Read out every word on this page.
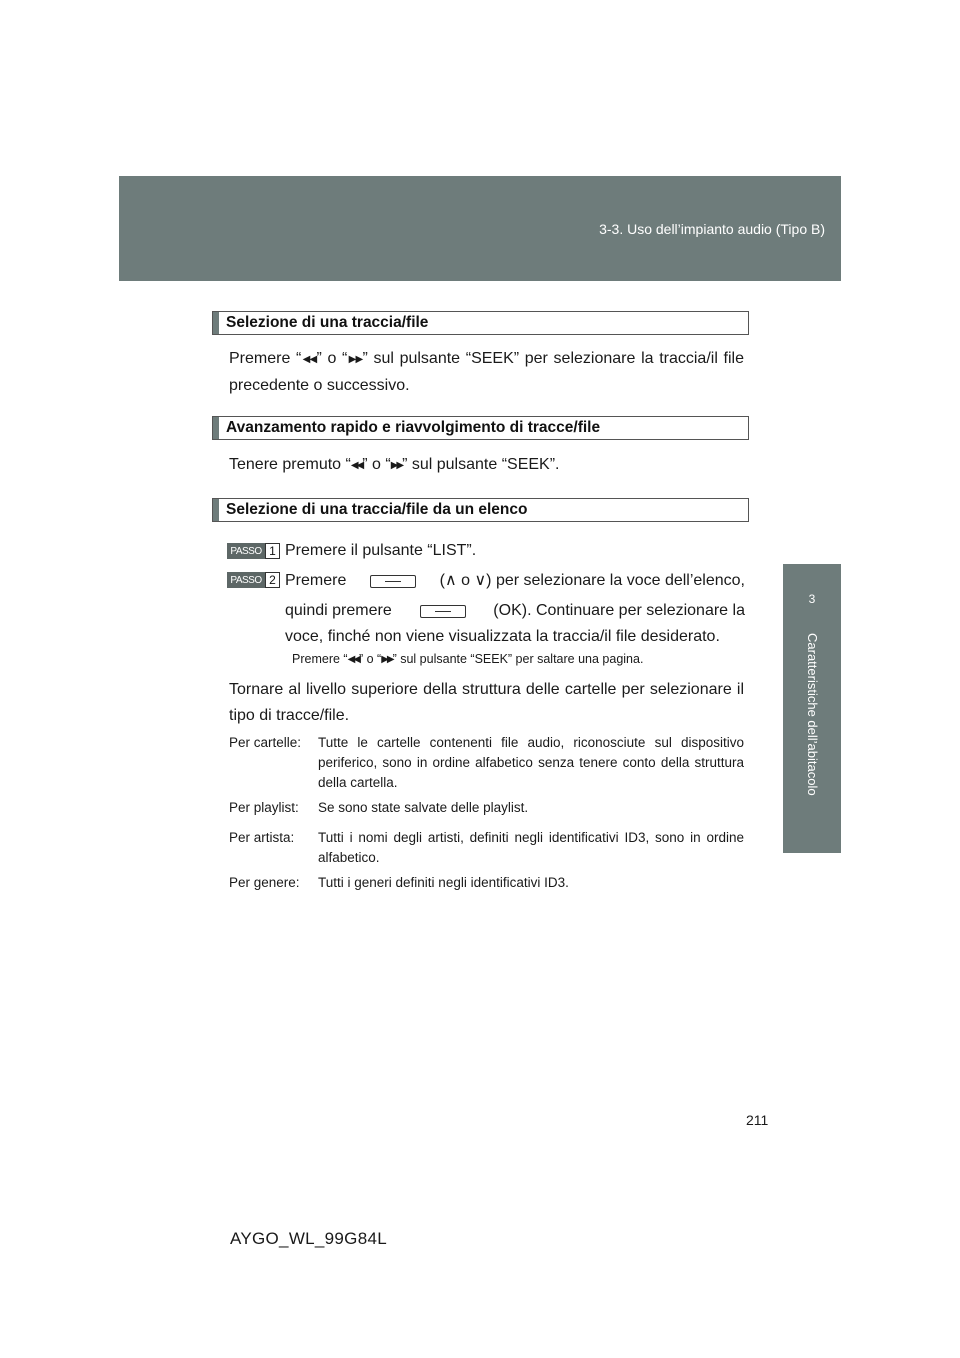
3-3. Uso dell’impianto audio (Tipo B)
3
Caratteristiche dell’abitacolo
Selezione di una traccia/file
Premere “◀◀” o “▶▶” sul pulsante “SEEK” per selezionare la traccia/il file precedente o successivo.
Avanzamento rapido e riavvolgimento di tracce/file
Tenere premuto “◀◀” o “▶▶” sul pulsante “SEEK”.
Selezione di una traccia/file da un elenco
PASSO 1 Premere il pulsante “LIST”.
PASSO 2 Premere	(∧ o ∨) per selezionare la voce dell’elenco,
quindi premere	(OK). Continuare per selezionare la
voce, finché non viene visualizzata la traccia/il file desiderato.
Premere “◀◀” o “▶▶” sul pulsante “SEEK” per saltare una pagina.
Tornare al livello superiore della struttura delle cartelle per selezionare il tipo di tracce/file.
Per cartelle:	Tutte le cartelle contenenti file audio, riconosciute sul dispositivo periferico, sono in ordine alfabetico senza tenere conto della struttura della cartella.
Per playlist:	Se sono state salvate delle playlist.
Per artista:	Tutti i nomi degli artisti, definiti negli identificativi ID3, sono in ordine alfabetico.
Per genere:	Tutti i generi definiti negli identificativi ID3.
211
AYGO_WL_99G84L
